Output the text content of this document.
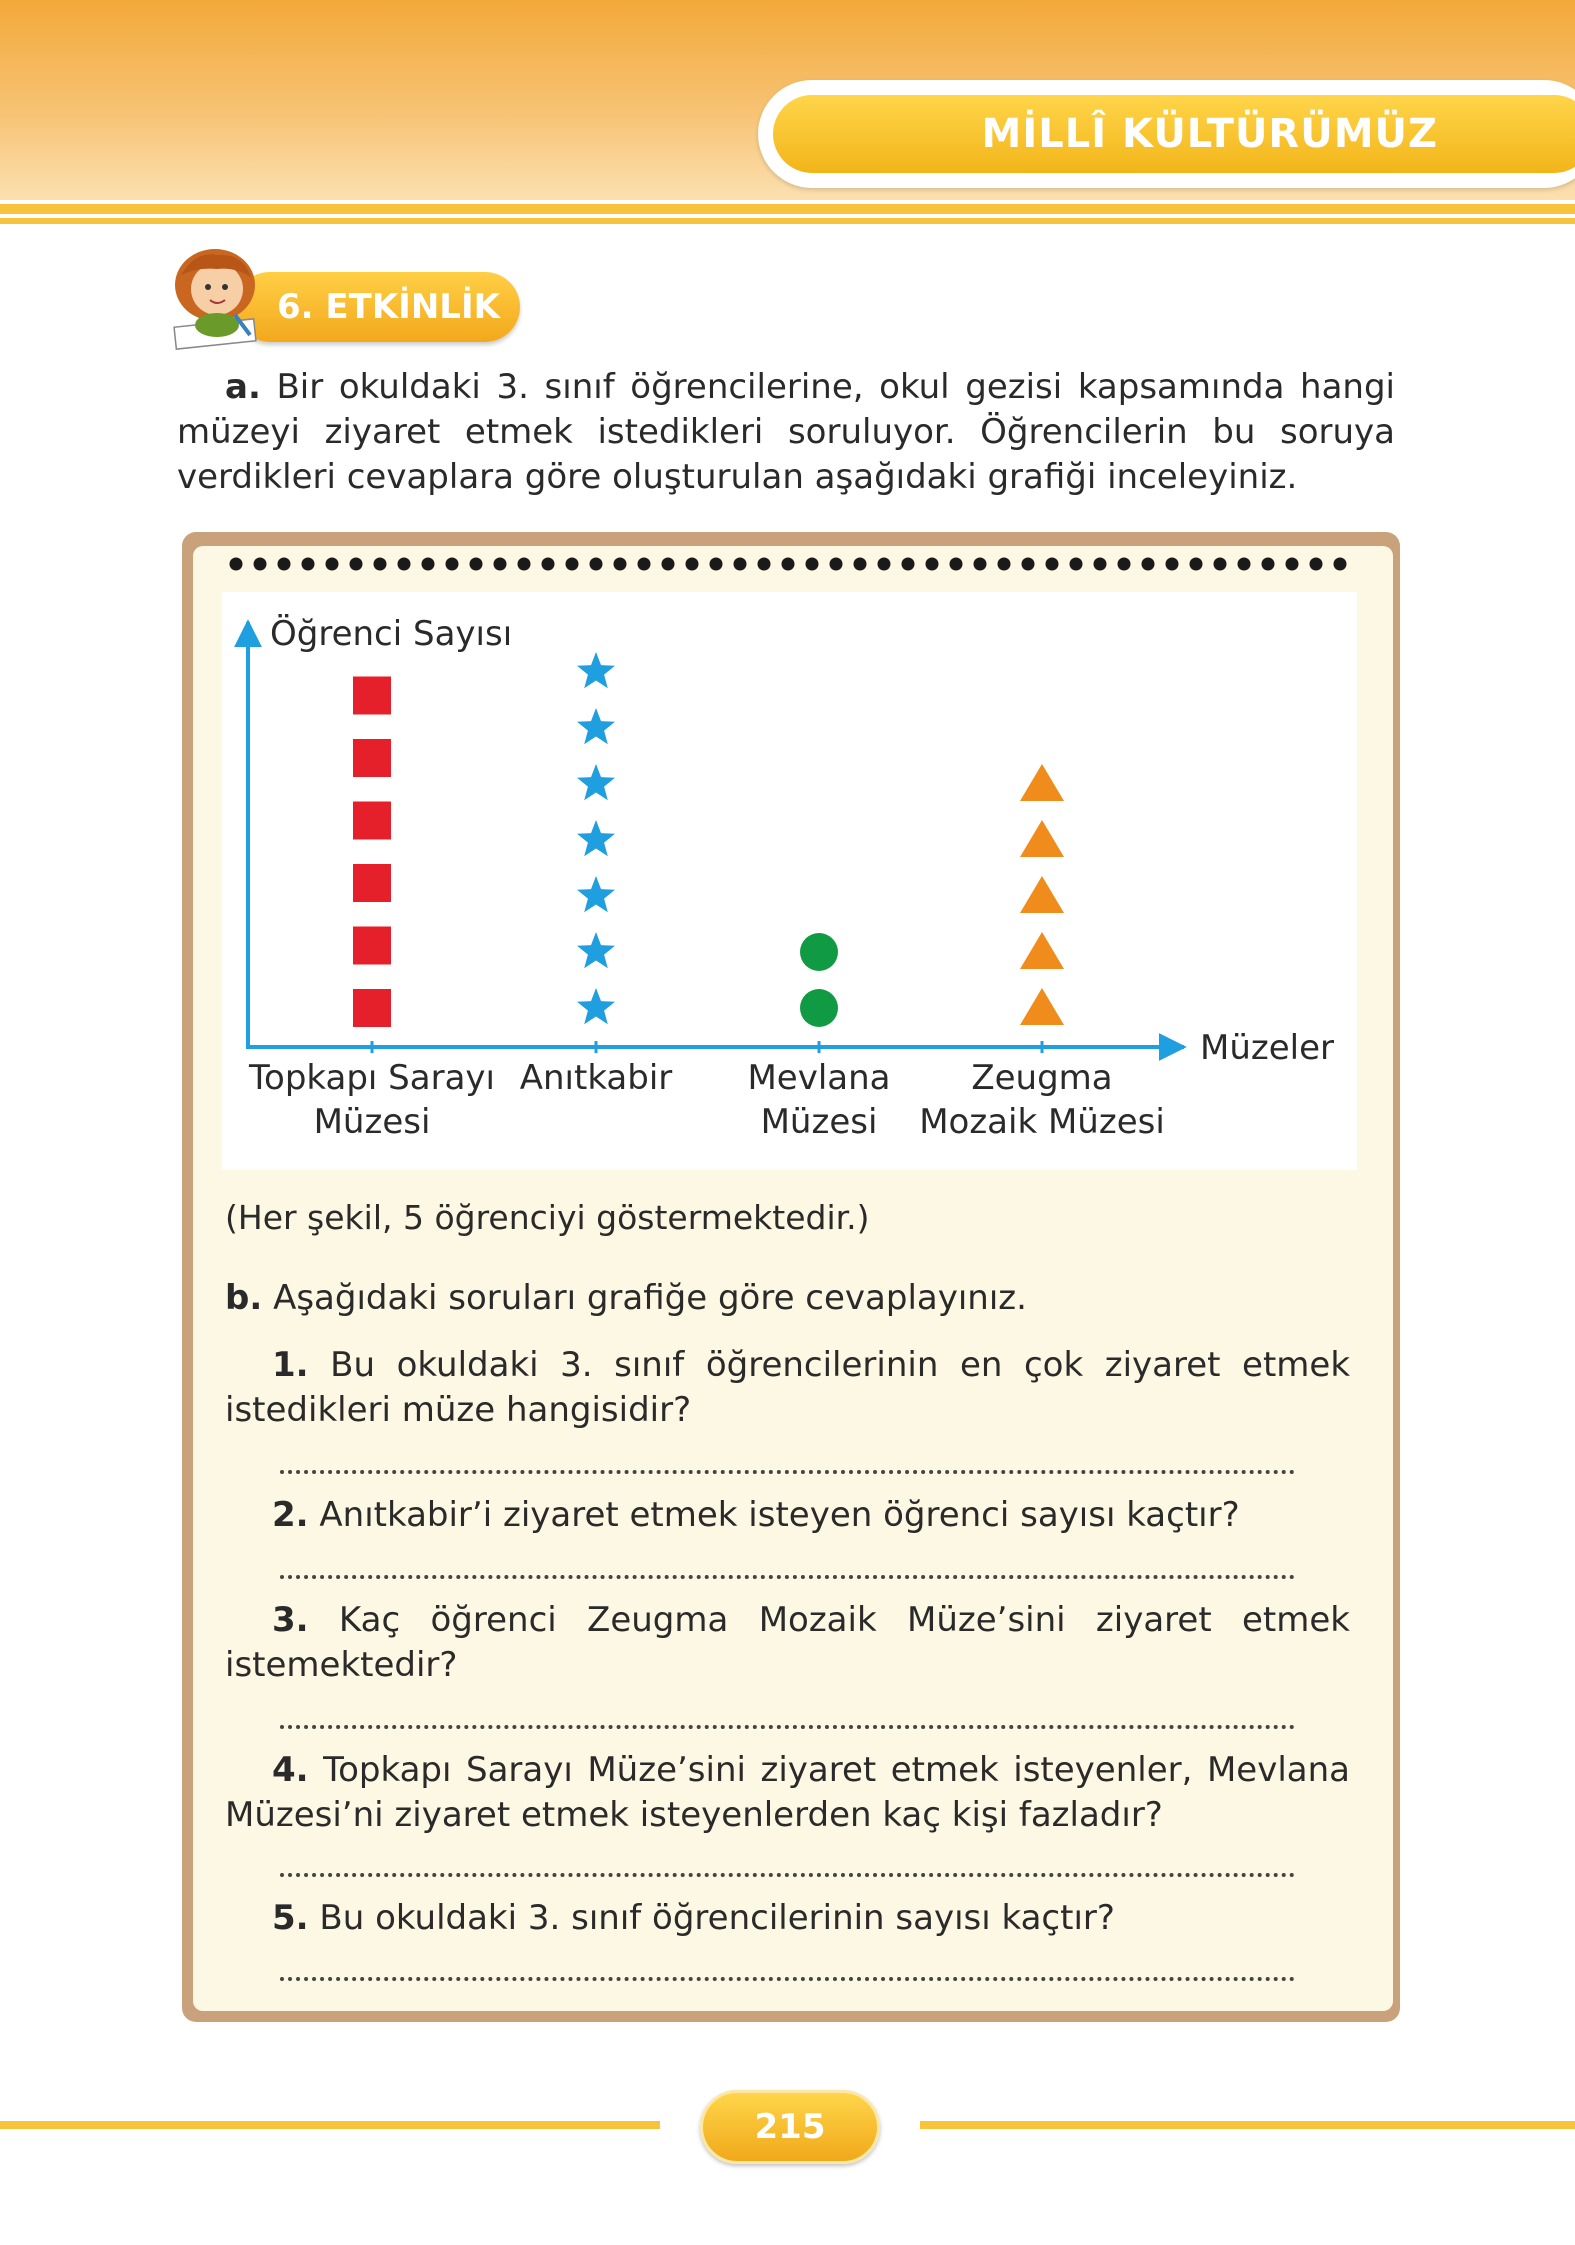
MİLLÎ KÜLTÜRÜMÜZ
6. ETKİNLİK
a. Bir okuldaki 3. sınıf öğrencilerine, okul gezisi kapsamında hangi müzeyi ziyaret etmek istedikleri soruluyor. Öğrencilerin bu soruya verdikleri cevaplara göre oluşturulan aşağıdaki grafiği inceleyiniz.
Öğrenci Sayısı
Müzeler
Topkapı Sarayı
Müzesi
Anıtkabir Mevlana
Müzesi
Zeugma
Mozaik Müzesi
(Her şekil, 5 öğrenciyi göstermektedir.)
b. Aşağıdaki soruları grafiğe göre cevaplayınız.
1. Bu okuldaki 3. sınıf öğrencilerinin en çok ziyaret etmek istedikleri müze hangisidir?
2. Anıtkabir’i ziyaret etmek isteyen öğrenci sayısı kaçtır?
3. Kaç öğrenci Zeugma Mozaik Müze’sini ziyaret etmek istemektedir?
4. Topkapı Sarayı Müze’sini ziyaret etmek isteyenler, Mevlana Müzesi’ni ziyaret etmek isteyenlerden kaç kişi fazladır?
5. Bu okuldaki 3. sınıf öğrencilerinin sayısı kaçtır?
215
